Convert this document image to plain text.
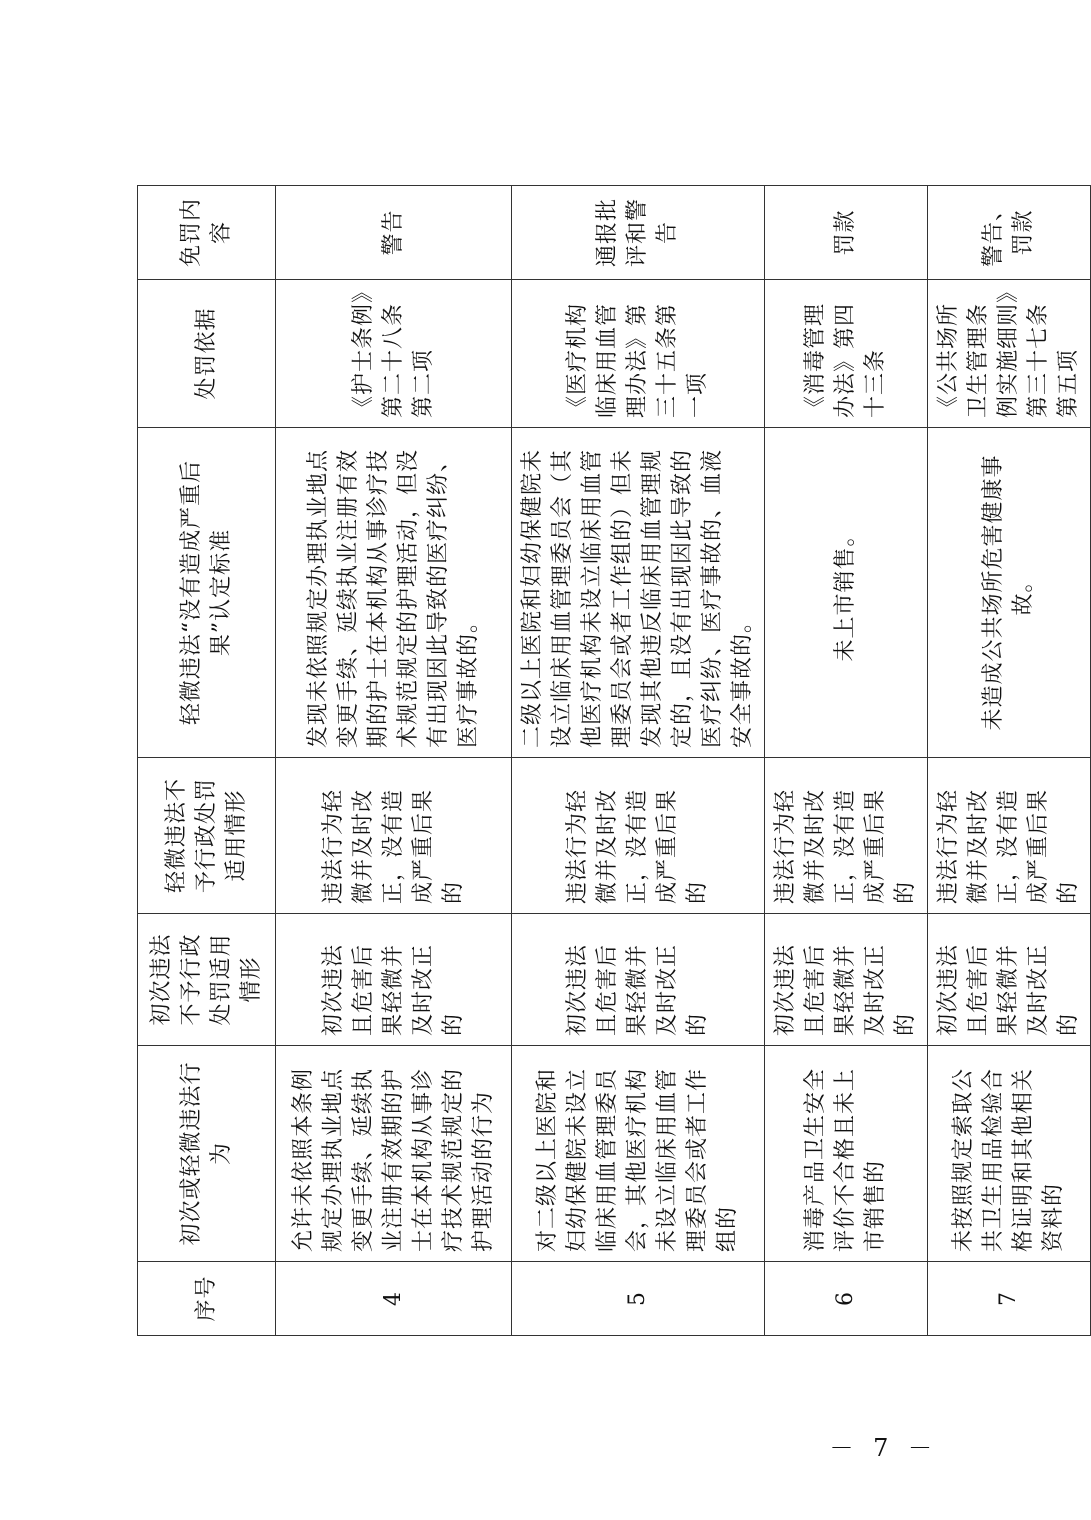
序号	初次或轻微违法行为	初次违法不予行政处罚适用情形	轻微违法不予行政处罚适用情形	轻微违法“没有造成严重后果”认定标准	处罚依据	免罚内容
4	允许未依照本条例规定办理执业地点变更手续、延续执业注册有效期的护士在本机构从事诊疗技术规范规定的护理活动的行为	初次违法且危害后果轻微并及时改正的	违法行为轻微并及时改正，没有造成严重后果的	发现未依照规定办理执业地点变更手续、延续执业注册有效期的护士在本机构从事诊疗技术规范规定的护理活动，但没有出现因此导致的医疗纠纷、医疗事故的。	《护士条例》第二十八条第二项	警告
5	对二级以上医院和妇幼保健院未设立临床用血管理委员会，其他医疗机构未设立临床用血管理委员会或者工作组的	初次违法且危害后果轻微并及时改正的	违法行为轻微并及时改正，没有造成严重后果的	二级以上医院和妇幼保健院未设立临床用血管理委员会（其他医疗机构未设立临床用血管理委员会或者工作组的）但未发现其他违反临床用血管理规定的，且没有出现因此导致的医疗纠纷、医疗事故的、血液安全事故的。	《医疗机构临床用血管理办法》第三十五条第一项	通报批评和警告
6	消毒产品卫生安全评价不合格且未上市销售的	初次违法且危害后果轻微并及时改正的	违法行为轻微并及时改正，没有造成严重后果的	未上市销售。	《消毒管理办法》第四十三条	罚款
7	未按照规定索取公共卫生用品检验合格证明和其他相关资料的	初次违法且危害后果轻微并及时改正的	违法行为轻微并及时改正，没有造成严重后果的	未造成公共场所危害健康事故。	《公共场所卫生管理条例实施细则》第三十七条第五项	警告、罚款
－ 7 －
